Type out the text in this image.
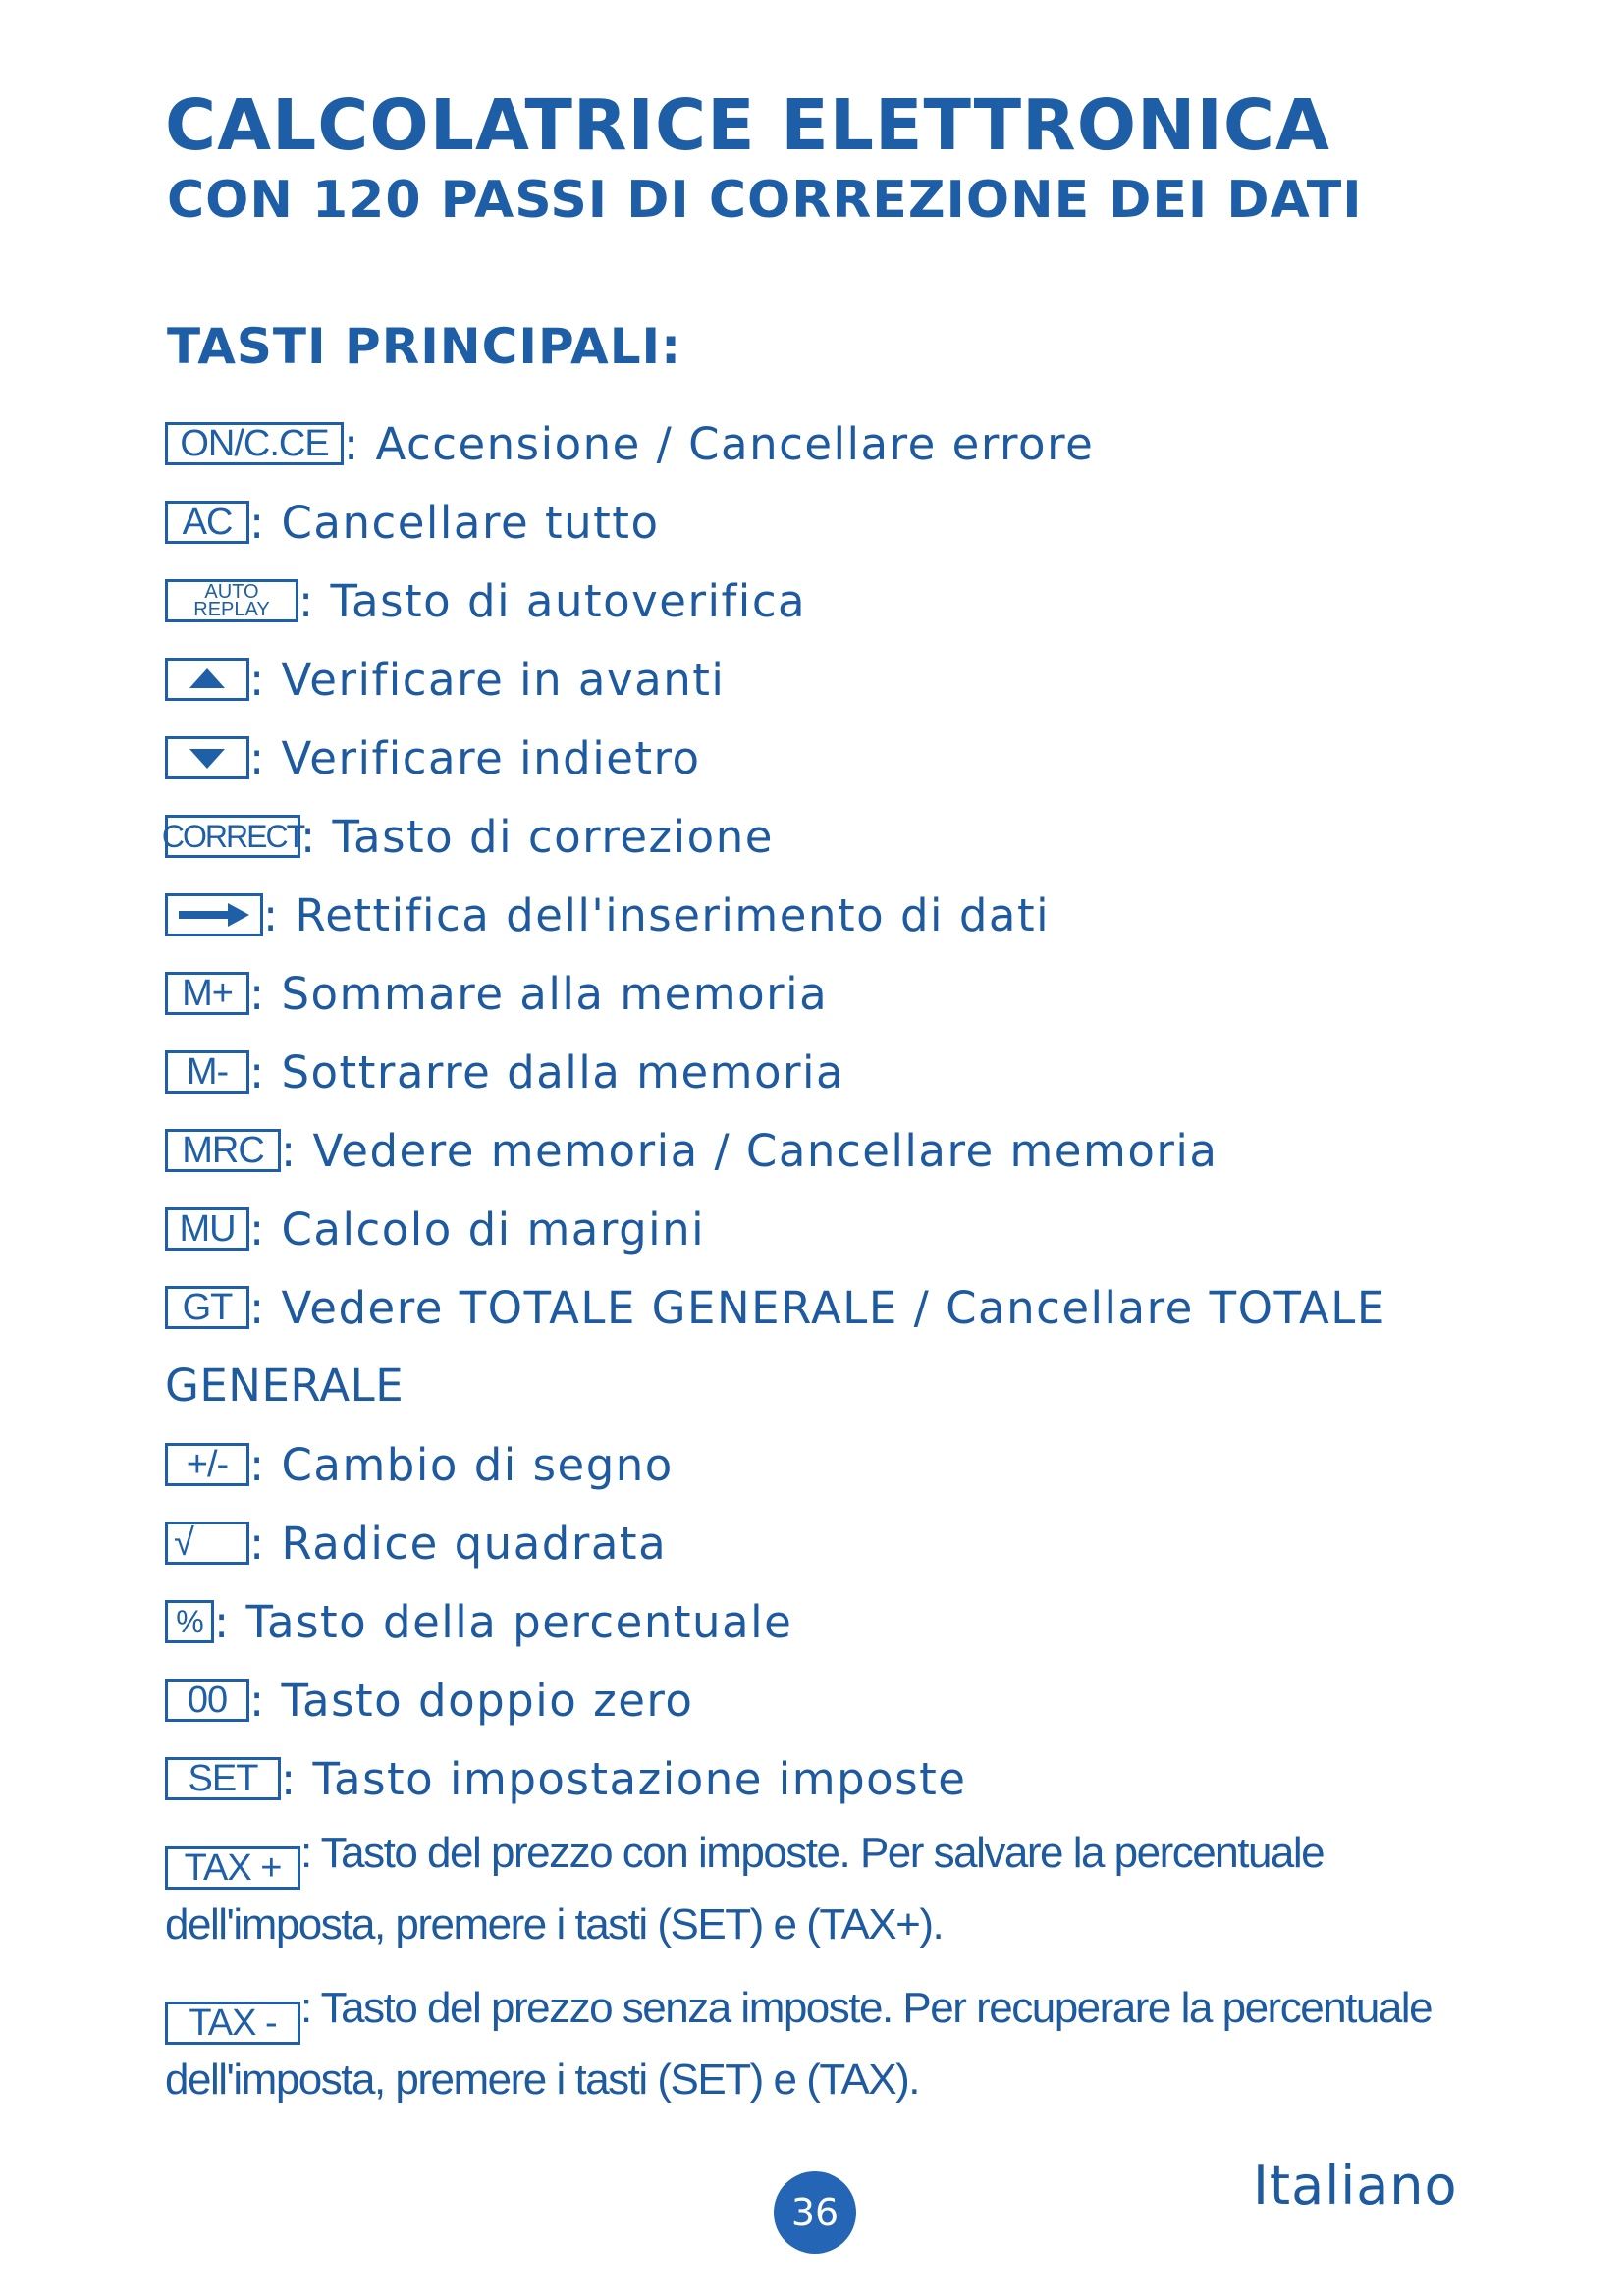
CALCOLATRICE ELETTRONICA
CON 120 PASSI DI CORREZIONE DEI DATI
TASTI PRINCIPALI:
ON/C.CE : Accensione / Cancellare errore
AC : Cancellare tutto
AUTO
REPLAY : Tasto di autoverifica
: Verificare in avanti
: Verificare indietro
CORRECT
: Tasto di correzione
: Rettifica dell'inserimento di dati
M+ : Sommare alla memoria
M- : Sottrarre dalla memoria
MRC : Vedere memoria / Cancellare memoria
MU : Calcolo di margini
GT : Vedere TOTALE GENERALE / Cancellare TOTALE
GENERALE
+/- : Cambio di segno
√	: Radice quadrata
% : Tasto della percentuale
00 : Tasto doppio zero
SET : Tasto impostazione imposte
TAX + : Tasto del prezzo con imposte. Per salvare la percentuale dell'imposta, premere i tasti (SET) e (TAX+).
TAX - : Tasto del prezzo senza imposte. Per recuperare la percentuale dell'imposta, premere i tasti (SET) e (TAX).
36	Italiano
